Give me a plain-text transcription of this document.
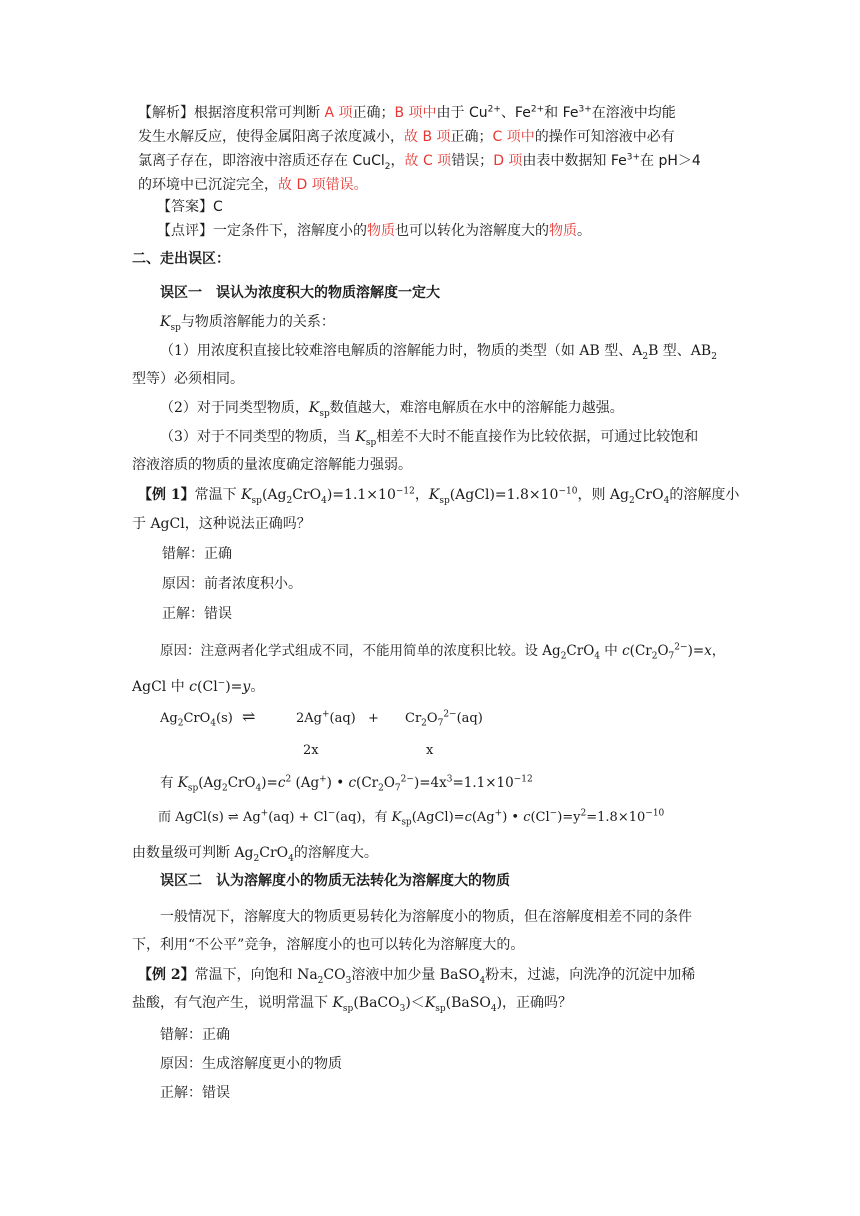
【解析】根据溶度积常可判断 A 项正确；B 项中由于 $Cu^{2+}$、$Fe^{2+}$和 $Fe^{3+}$在溶液中均能
发生水解反应，使得金属阳离子浓度减小，故 B 项正确；C 项中的操作可知溶液中必有
氯离子存在，即溶液中溶质还存在 CuCl$_2$，故 C 项错误；D 项由表中数据知 $Fe^{3+}$在 pH＞4
的环境中已沉淀完全，故 D 项错误。
【答案】C
【点评】一定条件下，溶解度小的物质也可以转化为溶解度大的物质。
二、走出误区：
误区一　误认为浓度积大的物质溶解度一定大
$K_{sp}$与物质溶解能力的关系：
（1）用浓度积直接比较难溶电解质的溶解能力时，物质的类型（如 AB 型、$A_2B$ 型、$AB_2$
型等）必须相同。
（2）对于同类型物质，$K_{sp}$数值越大，难溶电解质在水中的溶解能力越强。
（3）对于不同类型的物质，当 $K_{sp}$相差不大时不能直接作为比较依据，可通过比较饱和
溶液溶质的物质的量浓度确定溶解能力强弱。
【例 1】常温下 $K_{sp}(Ag_2CrO_4)=1.1\times 10^{-12}$，$K_{sp}(AgCl)=1.8\times 10^{-10}$，则 $Ag_2CrO_4$的溶解度小
于 AgCl，这种说法正确吗？
错解：正确
原因：前者浓度积小。
正解：错误
原因：注意两者化学式组成不同，不能用简单的浓度积比较。设 $Ag_2CrO_4$ 中 $c(Cr_2O_7^{2-})=x$，
AgCl 中 c(Cl−)=y。
$Ag_2CrO_4(s)$ ⇌	$2Ag^+(aq) + Cr_2O_7^{2-}(aq)$
2x	x
有 $K_{sp}(Ag_2CrO_4)=c^2$ (Ag+) • $c(Cr_2O_7^{2-})=4x^3=1.1\times 10^{-12}$
而 AgCl(s) ⇌ Ag+(aq) + Cl−(aq)，有 $K_{sp}(AgCl)=c(Ag^+)$ • $c(Cl^-)=y^2=1.8\times 10^{-10}$
由数量级可判断 $Ag_2CrO_4$的溶解度大。
误区二　认为溶解度小的物质无法转化为溶解度大的物质
一般情况下，溶解度大的物质更易转化为溶解度小的物质，但在溶解度相差不同的条件
下，利用“不公平”竞争，溶解度小的也可以转化为溶解度大的。
【例 2】常温下，向饱和 $Na_2CO_3$溶液中加少量 BaSO$_4$粉末，过滤，向洗净的沉淀中加稀
盐酸，有气泡产生，说明常温下 $K_{sp}(BaCO_3)<K_{sp}(BaSO_4)$，正确吗？
错解：正确
原因：生成溶解度更小的物质
正解：错误
